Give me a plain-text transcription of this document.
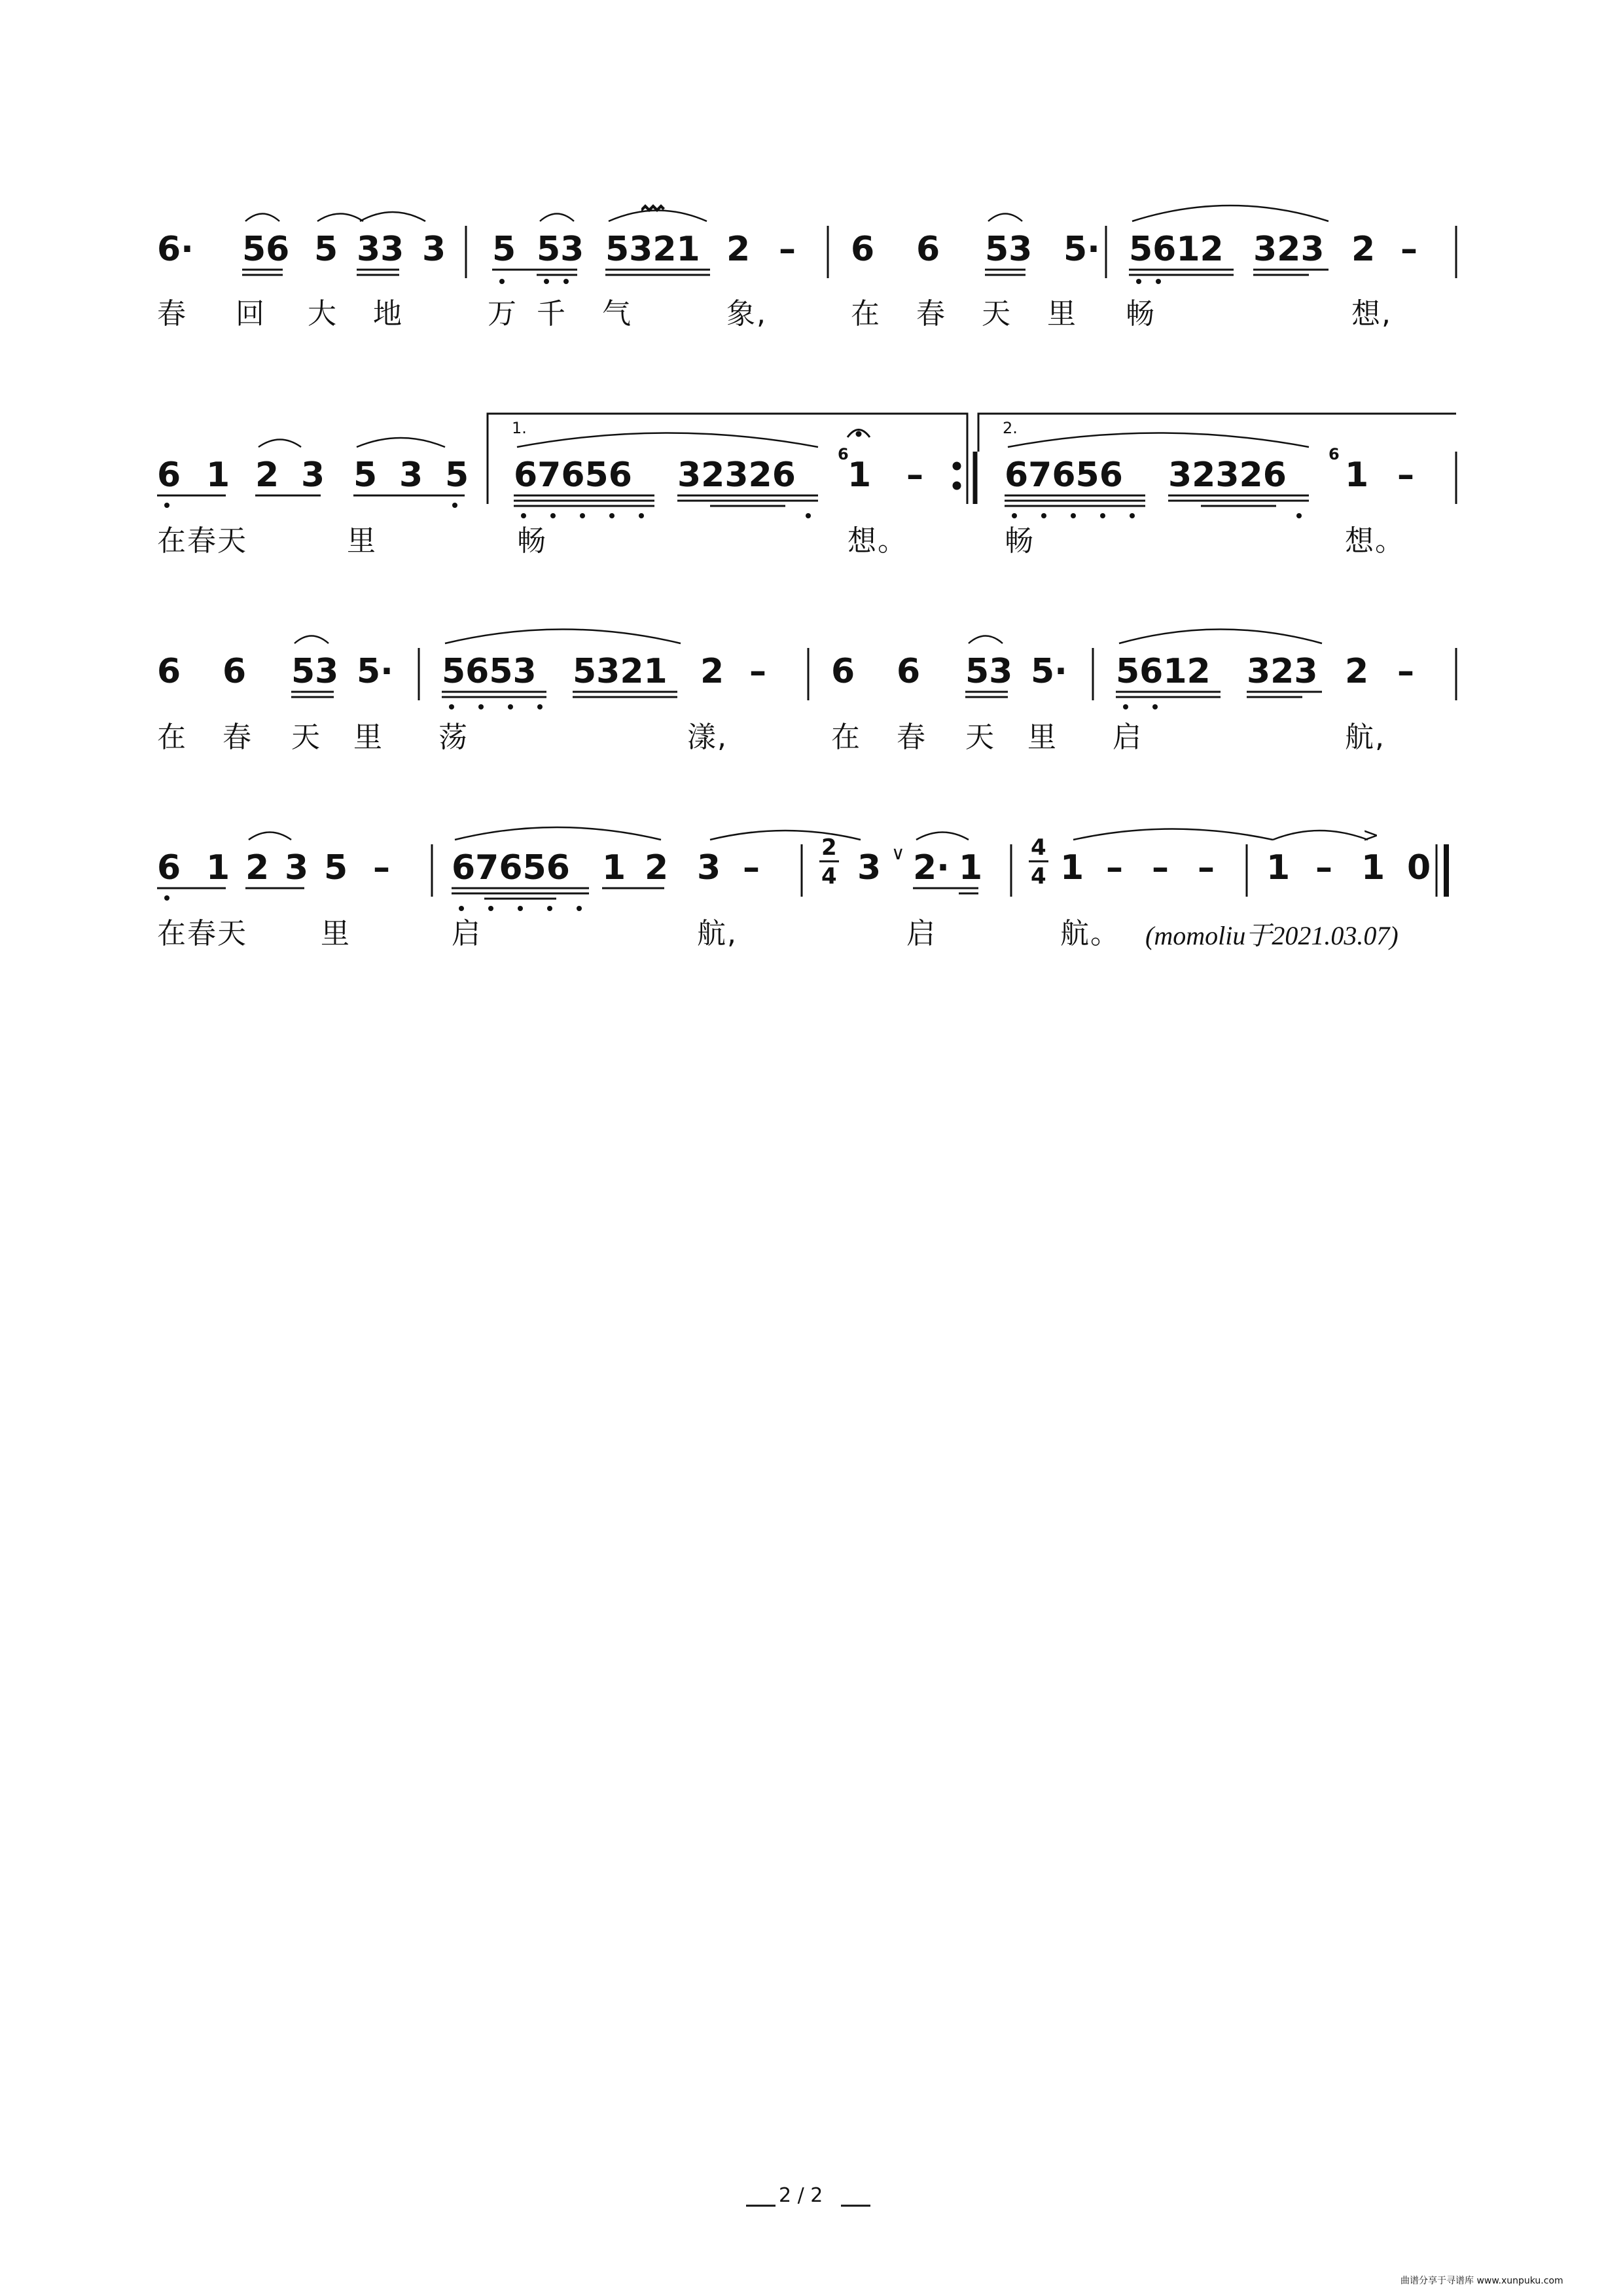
6· 56 5 33 3 5 53 5321 2 – 6 6 53 5· 5612 323 2 –
6 1 2 3 5 3 5 67656 32326 1 – 67656 32326 1 –
6 6 53 5· 5653 5321 2 – 6 6 53 5· 5612 323 2 –
6 1 2 3 5 – 67656 1 2 3 –	3 2· 1 1 – – – 1 – 1 0
春 回 大 地	万 千 气	象,	在 春 天 里 畅	想,
在春天	里	畅	想。	畅	想。
在 春 天 里 荡	漾,	在 春 天 里 启	航,
在春天	里	启	航,	启	航。
1.	2.
6	6
2
4
4
4
∨
>
(momoliu于2021.03.07)
2 / 2
曲谱分享于寻谱库 www.xunpuku.com
